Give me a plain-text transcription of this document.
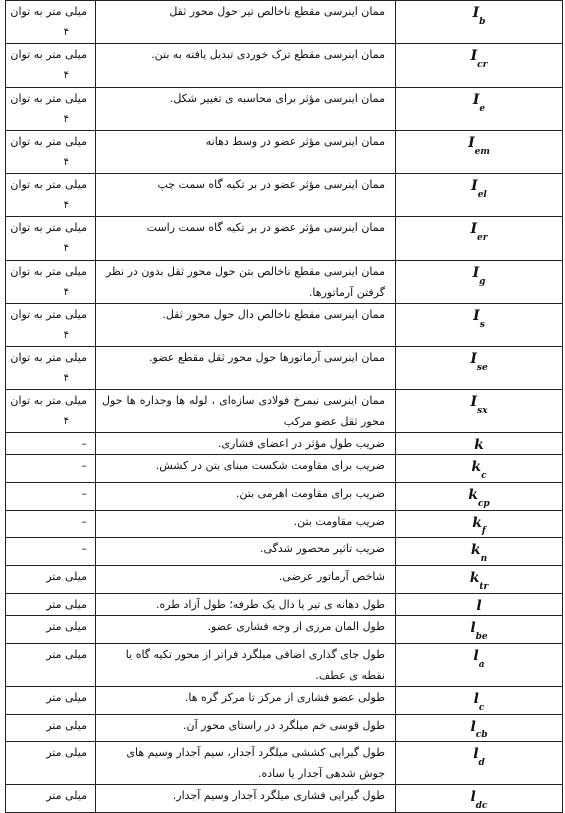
میلی متر به توان
۴	ممان اینرسی مقطع ناخالص تیر حول محور ثقل	$I_b$

میلی متر به توان
۴	ممان اینرسی مقطع ترک خوردی تبدیل یافته به بتن.	$I_{cr}$

میلی متر به توان
۴	ممان اینرسی مؤثر برای محاسبه ی تغییر شکل.	$I_e$

میلی متر به توان
۴	ممان اینرسی مؤثر عضو در وسط دهانه	$I_{em}$

میلی متر به توان
۴	ممان اینرسی مؤثر عضو در بر تکیه گاه سمت چپ	$I_{el}$

میلی متر به توان
۴	ممان اینرسی مؤثر عضو در بر تکیه گاه سمت راست	$I_{er}$

میلی متر به توان
۴	ممان اینرسی مقطع ناخالص بتن حول محور ثقل بدون در نظر گرفتن آرماتورها.	$I_g$

میلی متر به توان
۴	ممان اینرسی مقطع ناخالص دال حول محور ثقل.	$I_s$

میلی متر به توان
۴	ممان اینرسی آرماتورها حول محور ثقل مقطع عضو.	$I_{se}$

میلی متر به توان
۴	ممان اینرسی نیمرخ فولادی سازه‌ای ، لوله ها وجداره ها حول محور ثقل عضو مرکب	$I_{sx}$

–	ضریب طول مؤثر در اعضای فشاری.	k

–	ضریب برای مقاومت شکست مبنای بتن در کشش.	$k_c$

–	ضریب برای مقاومت اهرمی بتن.	$k_{cp}$

–	ضریب مقاومت بتن.	$k_f$

–	ضریب تاثیر محصور شدگی.	$k_n$

میلی متر	شاخص آرماتور عرضی.	$k_{tr}$

میلی متر	طول دهانه ی تیر یا دال یک طرفه؛ طول آزاد طره.	l

میلی متر	طول المان مرزی از وجه فشاری عضو.	$l_{be}$

میلی متر	طول جای گذاری اضافی میلگرد فراتر از محور تکیه گاه یا نقطه ی عطف.	$l_a$

میلی متر	طولی عضو فشاری از مرکز تا مرکز گره ها.	$l_c$

میلی متر	طول قوسی خم میلگرد در راستای محور آن.	$l_{cb}$

میلی متر	طول گیرایی کششی میلگرد آجدار، سیم آجدار وسیم های جوش شدهی آجدار یا ساده.	$l_d$

میلی متر	طول گیرایی فشاری میلگرد آجدار وسیم آجدار.	$l_{dc}$
